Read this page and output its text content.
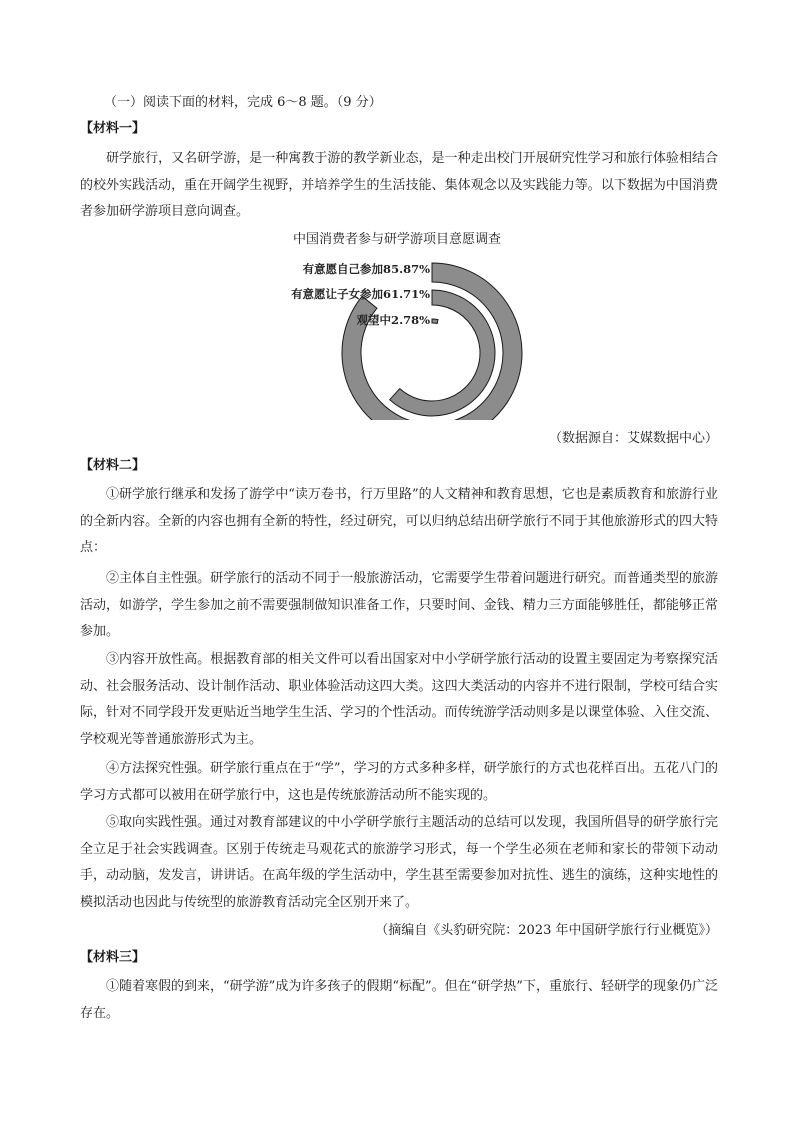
（一）阅读下面的材料，完成 6～8 题。（9 分）
【材料一】

研学旅行，又名研学游，是一种寓教于游的教学新业态，是一种走出校门开展研究性学习和旅行体验相结合的校外实践活动，重在开阔学生视野，并培养学生的生活技能、集体观念以及实践能力等。以下数据为中国消费者参加研学游项目意向调查。

中国消费者参与研学游项目意愿调查
有意愿自己参加85.87%
有意愿让子女参加61.71%
观望中2.78%
（数据源自：艾媒数据中心）
【材料二】

①研学旅行继承和发扬了游学中“读万卷书，行万里路”的人文精神和教育思想，它也是素质教育和旅游行业的全新内容。全新的内容也拥有全新的特性，经过研究，可以归纳总结出研学旅行不同于其他旅游形式的四大特点：

②主体自主性强。研学旅行的活动不同于一般旅游活动，它需要学生带着问题进行研究。而普通类型的旅游活动，如游学，学生参加之前不需要强制做知识准备工作，只要时间、金钱、精力三方面能够胜任，都能够正常参加。

③内容开放性高。根据教育部的相关文件可以看出国家对中小学研学旅行活动的设置主要固定为考察探究活动、社会服务活动、设计制作活动、职业体验活动这四大类。这四大类活动的内容并不进行限制，学校可结合实际，针对不同学段开发更贴近当地学生生活、学习的个性活动。而传统游学活动则多是以课堂体验、入住交流、学校观光等普通旅游形式为主。

④方法探究性强。研学旅行重点在于“学”，学习的方式多种多样，研学旅行的方式也花样百出。五花八门的学习方式都可以被用在研学旅行中，这也是传统旅游活动所不能实现的。

⑤取向实践性强。通过对教育部建议的中小学研学旅行主题活动的总结可以发现，我国所倡导的研学旅行完全立足于社会实践调查。区别于传统走马观花式的旅游学习形式，每一个学生必须在老师和家长的带领下动动手，动动脑，发发言，讲讲话。在高年级的学生活动中，学生甚至需要参加对抗性、逃生的演练，这种实地性的模拟活动也因此与传统型的旅游教育活动完全区别开来了。

（摘编自《头豹研究院：2023 年中国研学旅行行业概览》）
【材料三】

①随着寒假的到来，“研学游”成为许多孩子的假期“标配”。但在“研学热”下，重旅行、轻研学的现象仍广泛存在。
